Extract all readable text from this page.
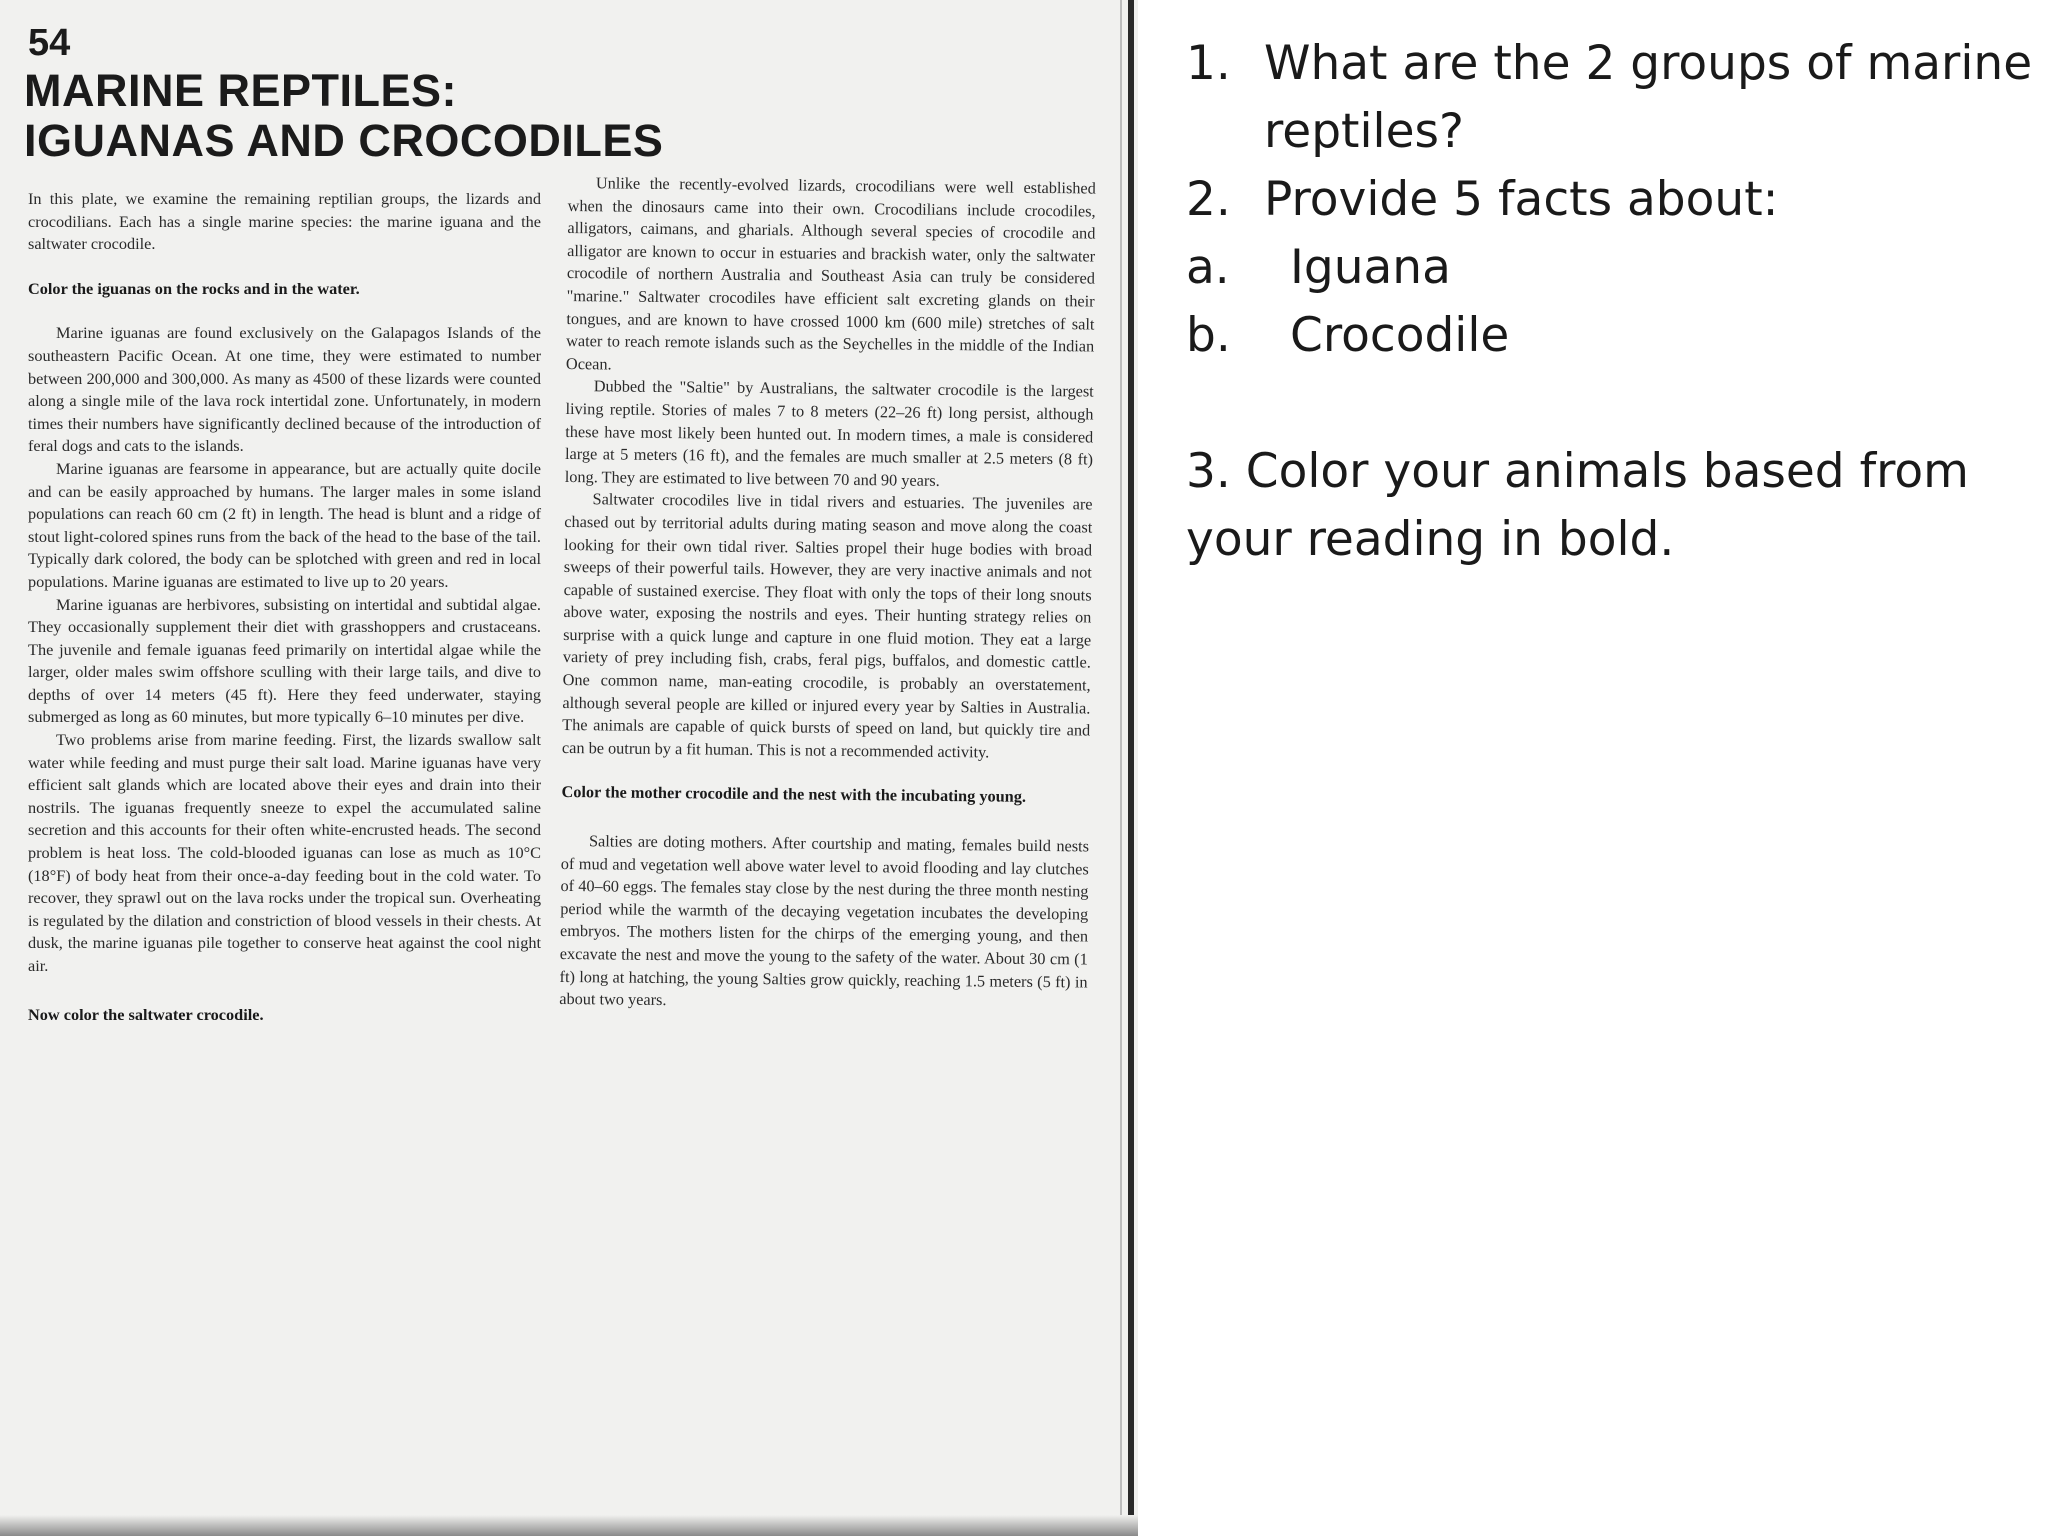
54
MARINE REPTILES:
IGUANAS AND CROCODILES

In this plate, we examine the remaining reptilian groups, the lizards and crocodilians. Each has a single marine species: the marine iguana and the saltwater crocodile.

Color the iguanas on the rocks and in the water.

Marine iguanas are found exclusively on the Galapagos Islands of the southeastern Pacific Ocean. At one time, they were estimated to number between 200,000 and 300,000. As many as 4500 of these lizards were counted along a single mile of the lava rock intertidal zone. Unfortunately, in modern times their numbers have significantly declined because of the introduction of feral dogs and cats to the islands.

Marine iguanas are fearsome in appearance, but are actually quite docile and can be easily approached by humans. The larger males in some island populations can reach 60 cm (2 ft) in length. The head is blunt and a ridge of stout light-colored spines runs from the back of the head to the base of the tail. Typically dark colored, the body can be splotched with green and red in local populations. Marine iguanas are estimated to live up to 20 years.

Marine iguanas are herbivores, subsisting on intertidal and subtidal algae. They occasionally supplement their diet with grasshoppers and crustaceans. The juvenile and female iguanas feed primarily on intertidal algae while the larger, older males swim offshore sculling with their large tails, and dive to depths of over 14 meters (45 ft). Here they feed underwater, staying submerged as long as 60 minutes, but more typically 6–10 minutes per dive.

Two problems arise from marine feeding. First, the lizards swallow salt water while feeding and must purge their salt load. Marine iguanas have very efficient salt glands which are located above their eyes and drain into their nostrils. The iguanas frequently sneeze to expel the accumulated saline secretion and this accounts for their often white-encrusted heads. The second problem is heat loss. The cold-blooded iguanas can lose as much as 10°C (18°F) of body heat from their once-a-day feeding bout in the cold water. To recover, they sprawl out on the lava rocks under the tropical sun. Overheating is regulated by the dilation and constriction of blood vessels in their chests. At dusk, the marine iguanas pile together to conserve heat against the cool night air.

Now color the saltwater crocodile.

Unlike the recently-evolved lizards, crocodilians were well established when the dinosaurs came into their own. Crocodilians include crocodiles, alligators, caimans, and gharials. Although several species of crocodile and alligator are known to occur in estuaries and brackish water, only the saltwater crocodile of northern Australia and Southeast Asia can truly be considered "marine." Saltwater crocodiles have efficient salt excreting glands on their tongues, and are known to have crossed 1000 km (600 mile) stretches of salt water to reach remote islands such as the Seychelles in the middle of the Indian Ocean.

Dubbed the "Saltie" by Australians, the saltwater crocodile is the largest living reptile. Stories of males 7 to 8 meters (22–26 ft) long persist, although these have most likely been hunted out. In modern times, a male is considered large at 5 meters (16 ft), and the females are much smaller at 2.5 meters (8 ft) long. They are estimated to live between 70 and 90 years.

Saltwater crocodiles live in tidal rivers and estuaries. The juveniles are chased out by territorial adults during mating season and move along the coast looking for their own tidal river. Salties propel their huge bodies with broad sweeps of their powerful tails. However, they are very inactive animals and not capable of sustained exercise. They float with only the tops of their long snouts above water, exposing the nostrils and eyes. Their hunting strategy relies on surprise with a quick lunge and capture in one fluid motion. They eat a large variety of prey including fish, crabs, feral pigs, buffalos, and domestic cattle. One common name, man-eating crocodile, is probably an overstatement, although several people are killed or injured every year by Salties in Australia. The animals are capable of quick bursts of speed on land, but quickly tire and can be outrun by a fit human. This is not a recommended activity.

Color the mother crocodile and the nest with the incubating young.

Salties are doting mothers. After courtship and mating, females build nests of mud and vegetation well above water level to avoid flooding and lay clutches of 40–60 eggs. The females stay close by the nest during the three month nesting period while the warmth of the decaying vegetation incubates the developing embryos. The mothers listen for the chirps of the emerging young, and then excavate the nest and move the young to the safety of the water. About 30 cm (1 ft) long at hatching, the young Salties grow quickly, reaching 1.5 meters (5 ft) in about two years.

1. What are the 2 groups of marine reptiles?
2. Provide 5 facts about:
a. Iguana
b. Crocodile
3. Color your animals based from your reading in bold.
